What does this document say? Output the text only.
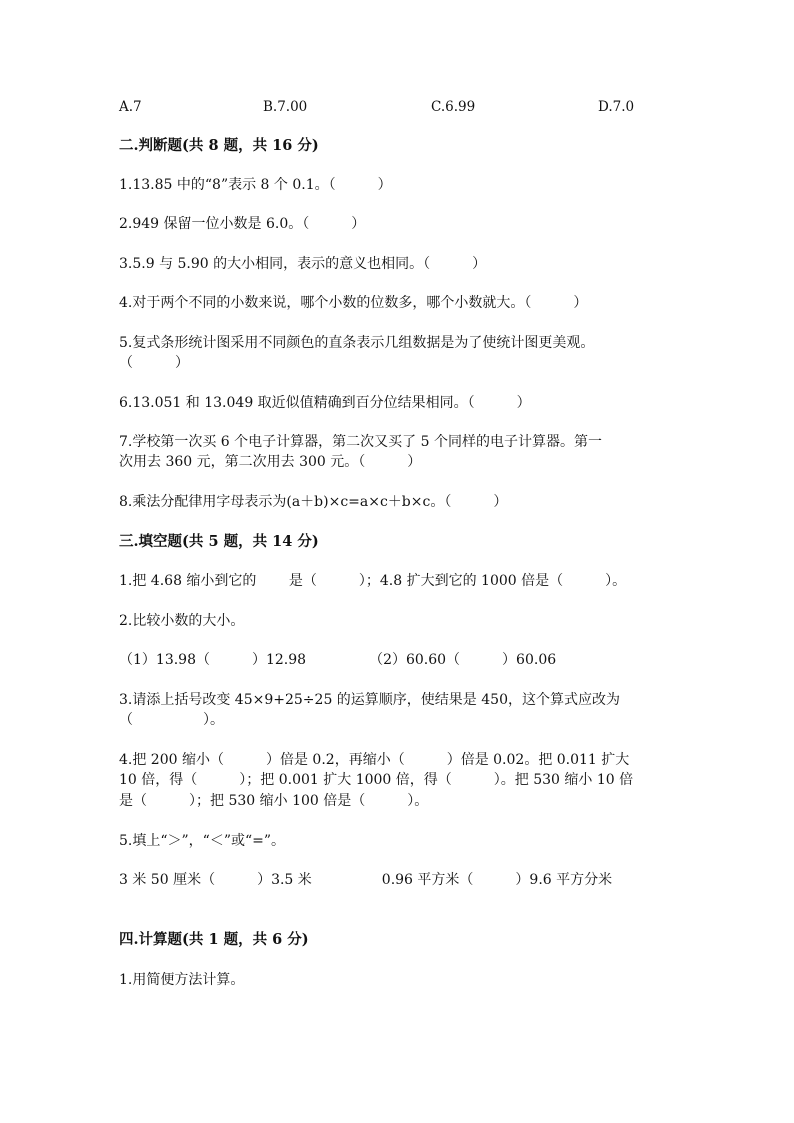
A.7	B.7.00	C.6.99	D.7.0
二.判断题(共 8 题，共 16 分)
1.13.85 中的“8”表示 8 个 0.1。（　　　）
2.949 保留一位小数是 6.0。（　　　）
3.5.9 与 5.90 的大小相同，表示的意义也相同。（　　　）
4.对于两个不同的小数来说，哪个小数的位数多，哪个小数就大。（　　　）
5.复式条形统计图采用不同颜色的直条表示几组数据是为了使统计图更美观。
（　　　）
6.13.051 和 13.049 取近似值精确到百分位结果相同。（　　　）
7.学校第一次买 6 个电子计算器，第二次又买了 5 个同样的电子计算器。第一
次用去 360 元，第二次用去 300 元。（　　　）
8.乘法分配律用字母表示为(a＋b)×c=a×c＋b×c。（　　　）
三.填空题(共 5 题，共 14 分)
1.把 4.68 缩小到它的　　 是（　　　）；4.8 扩大到它的 1000 倍是（　　　）。
2.比较小数的大小。
（1）13.98（　　　）12.98　　　　　（2）60.60（　　　）60.06
3.请添上括号改变 45×9+25÷25 的运算顺序，使结果是 450，这个算式应改为
（　　　　　）。
4.把 200 缩小（　　　）倍是 0.2，再缩小（　　　）倍是 0.02。把 0.011 扩大
10 倍，得（　　　）；把 0.001 扩大 1000 倍，得（　　　）。把 530 缩小 10 倍
是（　　　）；把 530 缩小 100 倍是（　　　）。
5.填上“＞”，“＜”或“=”。
3 米 50 厘米（　　　）3.5 米　　　　　0.96 平方米（　　　）9.6 平方分米
四.计算题(共 1 题，共 6 分)
1.用简便方法计算。
